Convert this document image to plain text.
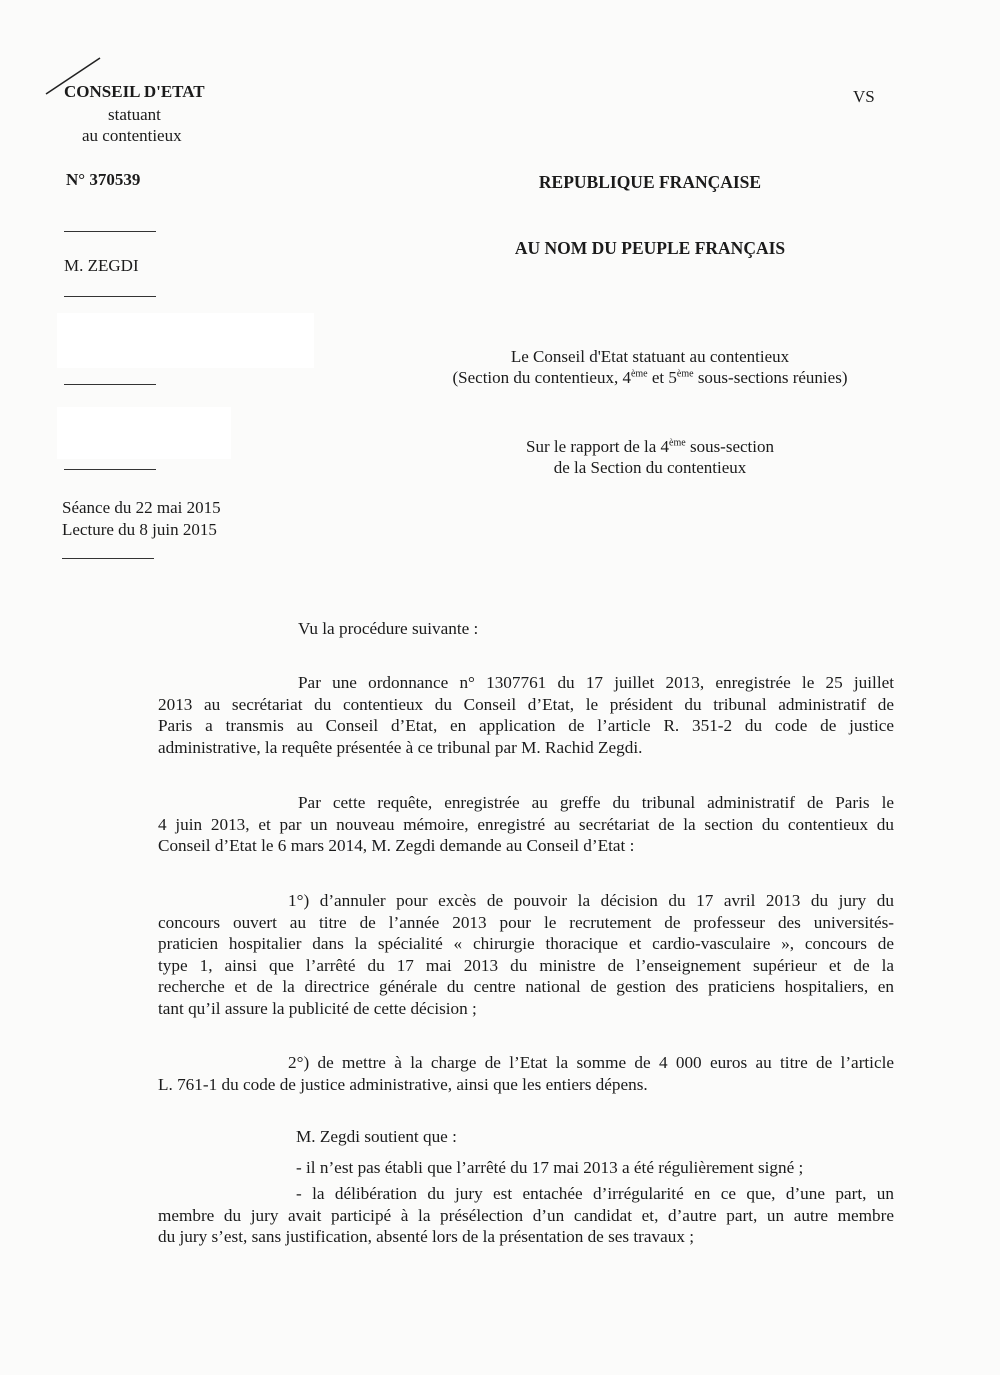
CONSEIL D'ETAT
statuant
au contentieux
N° 370539
M. ZEGDI
Séance du 22 mai 2015
Lecture du 8 juin 2015
VS
REPUBLIQUE FRANÇAISE
AU NOM DU PEUPLE FRANÇAIS
Le Conseil d'Etat statuant au contentieux
(Section du contentieux, 4ème et 5ème sous-sections réunies)
Sur le rapport de la 4ème sous-section
de la Section du contentieux
Vu la procédure suivante :
Par une ordonnance n° 1307761 du 17 juillet 2013, enregistrée le 25 juillet
2013 au secrétariat du contentieux du Conseil d’Etat, le président du tribunal administratif de
Paris a transmis au Conseil d’Etat, en application de l’article R. 351-2 du code de justice
administrative, la requête présentée à ce tribunal par M. Rachid Zegdi.
Par cette requête, enregistrée au greffe du tribunal administratif de Paris le
4 juin 2013, et par un nouveau mémoire, enregistré au secrétariat de la section du contentieux du
Conseil d’Etat le 6 mars 2014, M. Zegdi demande au Conseil d’Etat :
1°) d’annuler pour excès de pouvoir la décision du 17 avril 2013 du jury du
concours ouvert au titre de l’année 2013 pour le recrutement de professeur des universités-
praticien hospitalier dans la spécialité « chirurgie thoracique et cardio-vasculaire », concours de
type 1, ainsi que l’arrêté du 17 mai 2013 du ministre de l’enseignement supérieur et de la
recherche et de la directrice générale du centre national de gestion des praticiens hospitaliers, en
tant qu’il assure la publicité de cette décision ;
2°) de mettre à la charge de l’Etat la somme de 4 000 euros au titre de l’article
L. 761-1 du code de justice administrative, ainsi que les entiers dépens.
M. Zegdi soutient que :
- il n’est pas établi que l’arrêté du 17 mai 2013 a été régulièrement signé ;
- la délibération du jury est entachée d’irrégularité en ce que, d’une part, un
membre du jury avait participé à la présélection d’un candidat et, d’autre part, un autre membre
du jury s’est, sans justification, absenté lors de la présentation de ses travaux ;
